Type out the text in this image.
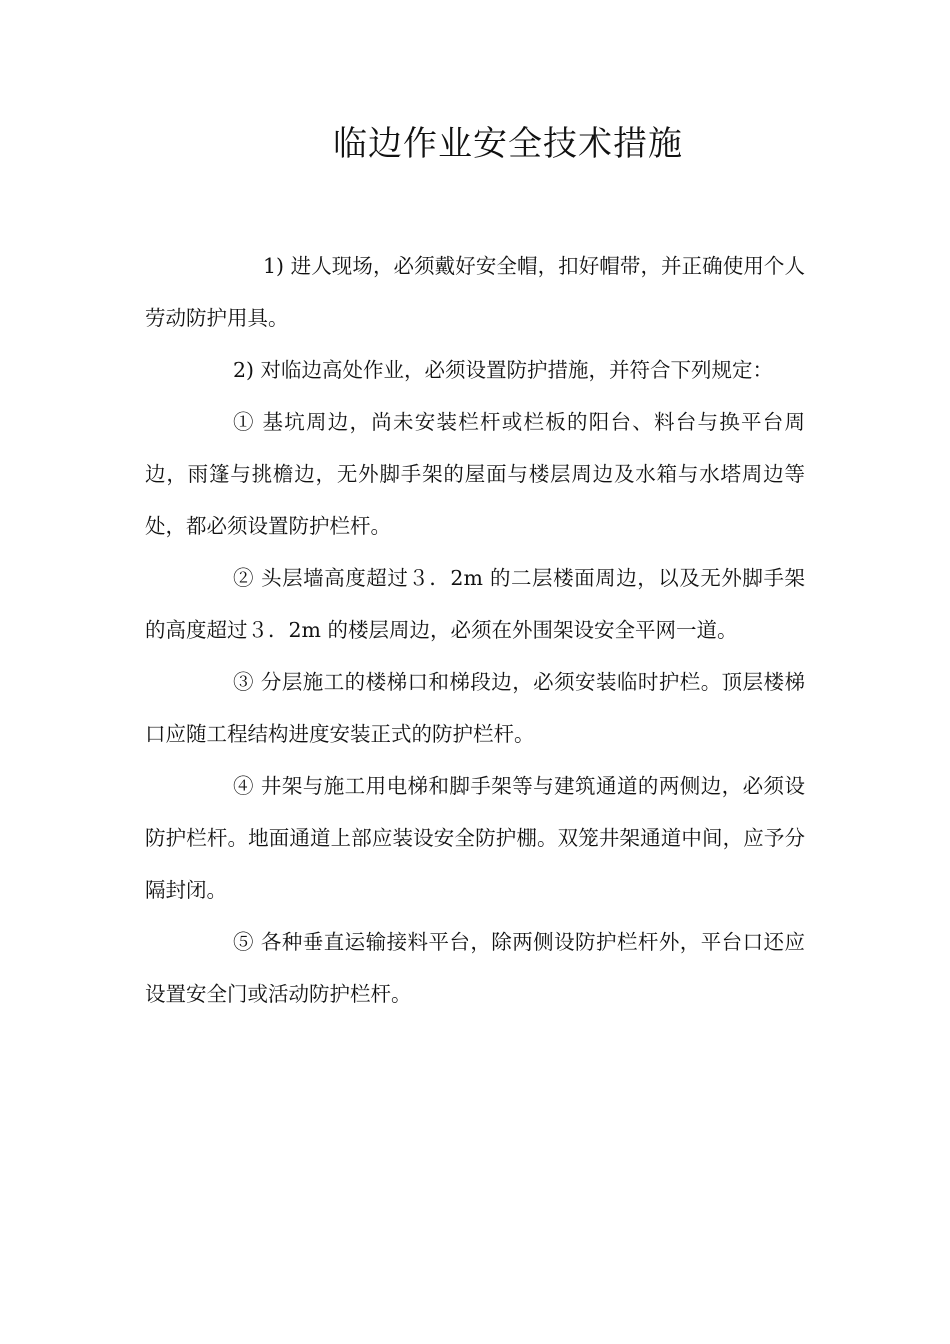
临边作业安全技术措施

1) 进人现场，必须戴好安全帽，扣好帽带，并正确使用个人劳动防护用具。

2) 对临边高处作业，必须设置防护措施，并符合下列规定：

① 基坑周边，尚未安装栏杆或栏板的阳台、料台与换平台周边，雨篷与挑檐边，无外脚手架的屋面与楼层周边及水箱与水塔周边等处，都必须设置防护栏杆。

② 头层墙高度超过３．2m 的二层楼面周边，以及无外脚手架的高度超过３．2m 的楼层周边，必须在外围架设安全平网一道。

③ 分层施工的楼梯口和梯段边，必须安装临时护栏。顶层楼梯口应随工程结构进度安装正式的防护栏杆。

④ 井架与施工用电梯和脚手架等与建筑通道的两侧边，必须设防护栏杆。地面通道上部应装设安全防护棚。双笼井架通道中间，应予分隔封闭。

⑤ 各种垂直运输接料平台，除两侧设防护栏杆外，平台口还应设置安全门或活动防护栏杆。
